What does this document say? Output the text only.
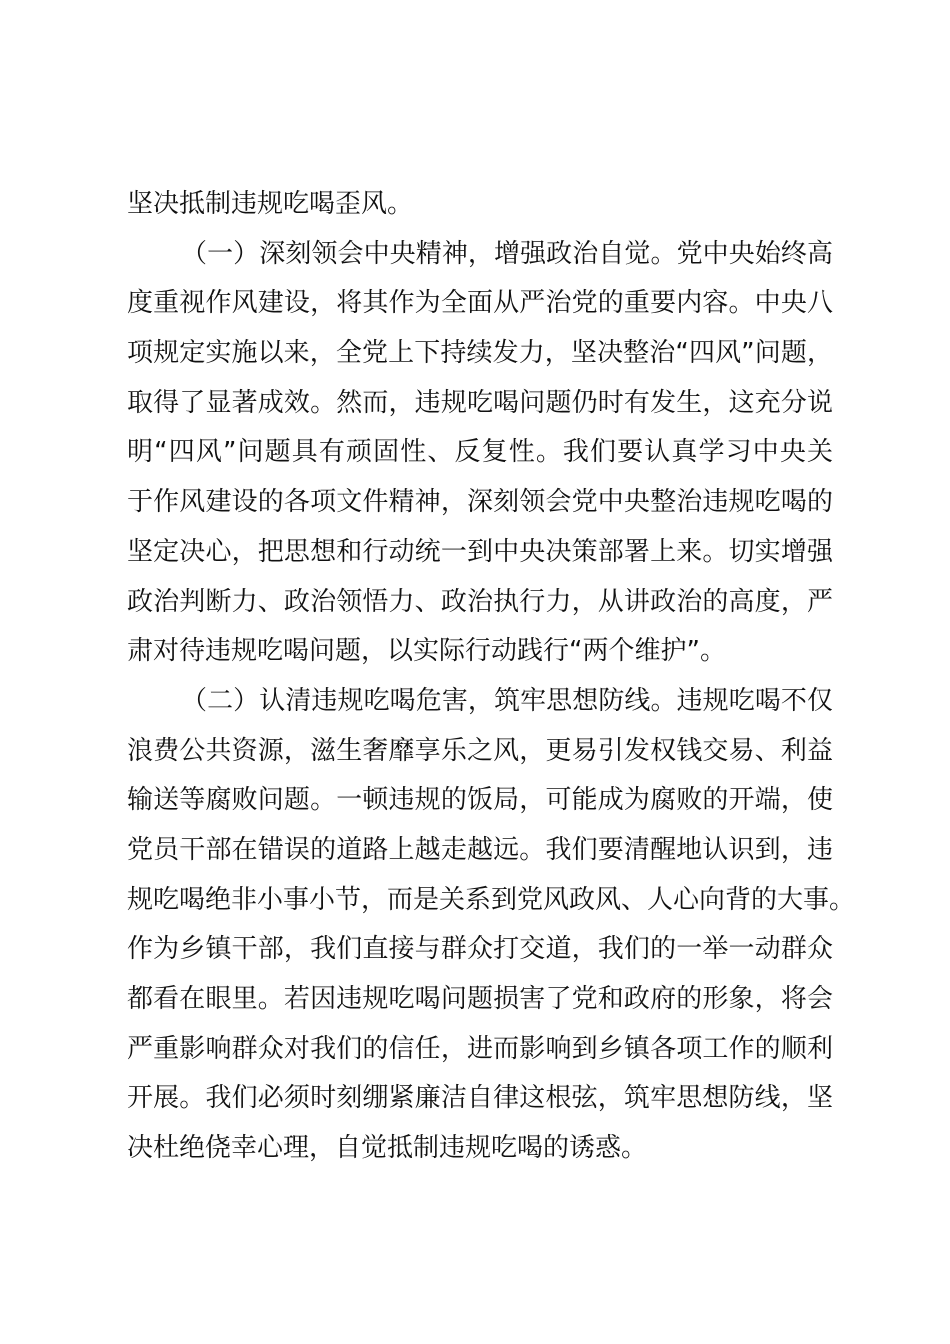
坚决抵制违规吃喝歪风。
（一）深刻领会中央精神，增强政治自觉。党中央始终高
度重视作风建设，将其作为全面从严治党的重要内容。中央八
项规定实施以来，全党上下持续发力，坚决整治“四风”问题，
取得了显著成效。然而，违规吃喝问题仍时有发生，这充分说
明“四风”问题具有顽固性、反复性。我们要认真学习中央关
于作风建设的各项文件精神，深刻领会党中央整治违规吃喝的
坚定决心，把思想和行动统一到中央决策部署上来。切实增强
政治判断力、政治领悟力、政治执行力，从讲政治的高度，严
肃对待违规吃喝问题，以实际行动践行“两个维护”。
（二）认清违规吃喝危害，筑牢思想防线。违规吃喝不仅
浪费公共资源，滋生奢靡享乐之风，更易引发权钱交易、利益
输送等腐败问题。一顿违规的饭局，可能成为腐败的开端，使
党员干部在错误的道路上越走越远。我们要清醒地认识到，违
规吃喝绝非小事小节，而是关系到党风政风、人心向背的大事。
作为乡镇干部，我们直接与群众打交道，我们的一举一动群众
都看在眼里。若因违规吃喝问题损害了党和政府的形象，将会
严重影响群众对我们的信任，进而影响到乡镇各项工作的顺利
开展。我们必须时刻绷紧廉洁自律这根弦，筑牢思想防线，坚
决杜绝侥幸心理，自觉抵制违规吃喝的诱惑。
